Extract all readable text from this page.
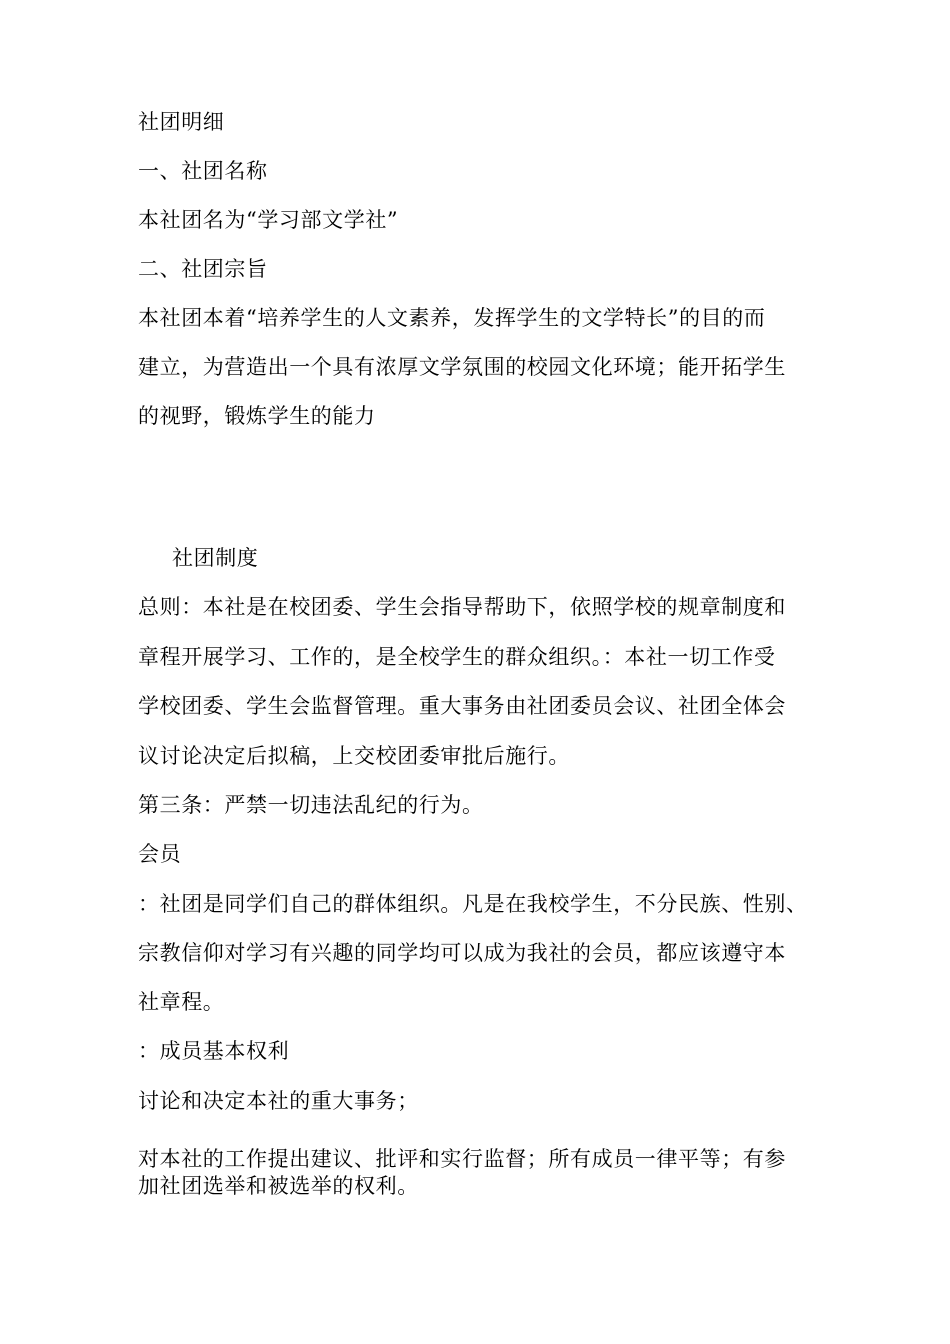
社团明细
一、社团名称
本社团名为“学习部文学社”
二、社团宗旨
本社团本着“培养学生的人文素养，发挥学生的文学特长”的目的而
建立，为营造出一个具有浓厚文学氛围的校园文化环境；能开拓学生
的视野，锻炼学生的能力
社团制度
总则：本社是在校团委、学生会指导帮助下，依照学校的规章制度和
章程开展学习、工作的，是全校学生的群众组织。：本社一切工作受
学校团委、学生会监督管理。重大事务由社团委员会议、社团全体会
议讨论决定后拟稿，上交校团委审批后施行。
第三条：严禁一切违法乱纪的行为。
会员
：社团是同学们自己的群体组织。凡是在我校学生，不分民族、性别、
宗教信仰对学习有兴趣的同学均可以成为我社的会员，都应该遵守本
社章程。
：成员基本权利
讨论和决定本社的重大事务；
对本社的工作提出建议、批评和实行监督；所有成员一律平等；有参
加社团选举和被选举的权利。
